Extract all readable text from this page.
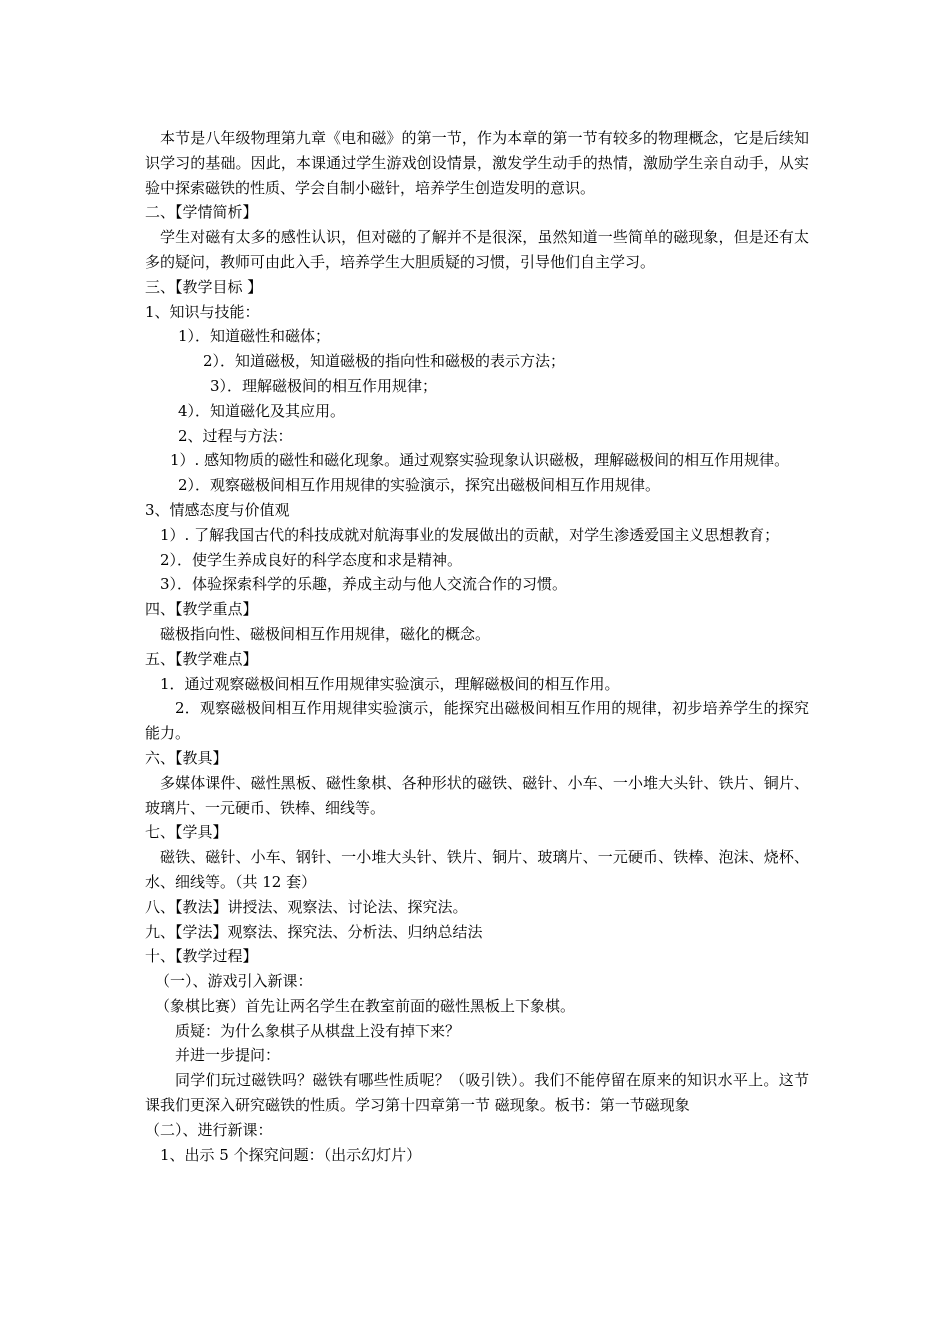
本节是八年级物理第九章《电和磁》的第一节，作为本章的第一节有较多的物理概念，它是后续知识学习的基础。因此，本课通过学生游戏创设情景，激发学生动手的热情，激励学生亲自动手，从实验中探索磁铁的性质、学会自制小磁针，培养学生创造发明的意识。

二、【学情简析】

学生对磁有太多的感性认识，但对磁的了解并不是很深，虽然知道一些简单的磁现象，但是还有太多的疑问，教师可由此入手，培养学生大胆质疑的习惯，引导他们自主学习。

三、【教学目标 】

1、知识与技能：

1）．知道磁性和磁体；

2）．知道磁极，知道磁极的指向性和磁极的表示方法；

3）．理解磁极间的相互作用规律；

4）．知道磁化及其应用。

2、过程与方法：

1）. 感知物质的磁性和磁化现象。通过观察实验现象认识磁极，理解磁极间的相互作用规律。

2）．观察磁极间相互作用规律的实验演示，探究出磁极间相互作用规律。

3、情感态度与价值观

1）. 了解我国古代的科技成就对航海事业的发展做出的贡献，对学生渗透爱国主义思想教育；

2）．使学生养成良好的科学态度和求是精神。

3）．体验探索科学的乐趣，养成主动与他人交流合作的习惯。

四、【教学重点】

磁极指向性、磁极间相互作用规律，磁化的概念。

五、【教学难点】

1．通过观察磁极间相互作用规律实验演示，理解磁极间的相互作用。

2．观察磁极间相互作用规律实验演示，能探究出磁极间相互作用的规律，初步培养学生的探究能力。

六、【教具】

多媒体课件、磁性黑板、磁性象棋、各种形状的磁铁、磁针、小车、一小堆大头针、铁片、铜片、玻璃片、一元硬币、铁棒、细线等。

七、【学具】

磁铁、磁针、小车、钢针、一小堆大头针、铁片、铜片、玻璃片、一元硬币、铁棒、泡沫、烧杯、水、细线等。（共 12 套）

八、【教法】讲授法、观察法、讨论法、探究法。

九、【学法】观察法、探究法、分析法、归纳总结法

十、【教学过程】

（一）、游戏引入新课：

（象棋比赛）首先让两名学生在教室前面的磁性黑板上下象棋。

质疑：为什么象棋子从棋盘上没有掉下来？

并进一步提问：

同学们玩过磁铁吗？磁铁有哪些性质呢？（吸引铁）。我们不能停留在原来的知识水平上。这节课我们更深入研究磁铁的性质。学习第十四章第一节 磁现象。板书：第一节磁现象

（二）、进行新课：

1、出示 5 个探究问题：（出示幻灯片）
